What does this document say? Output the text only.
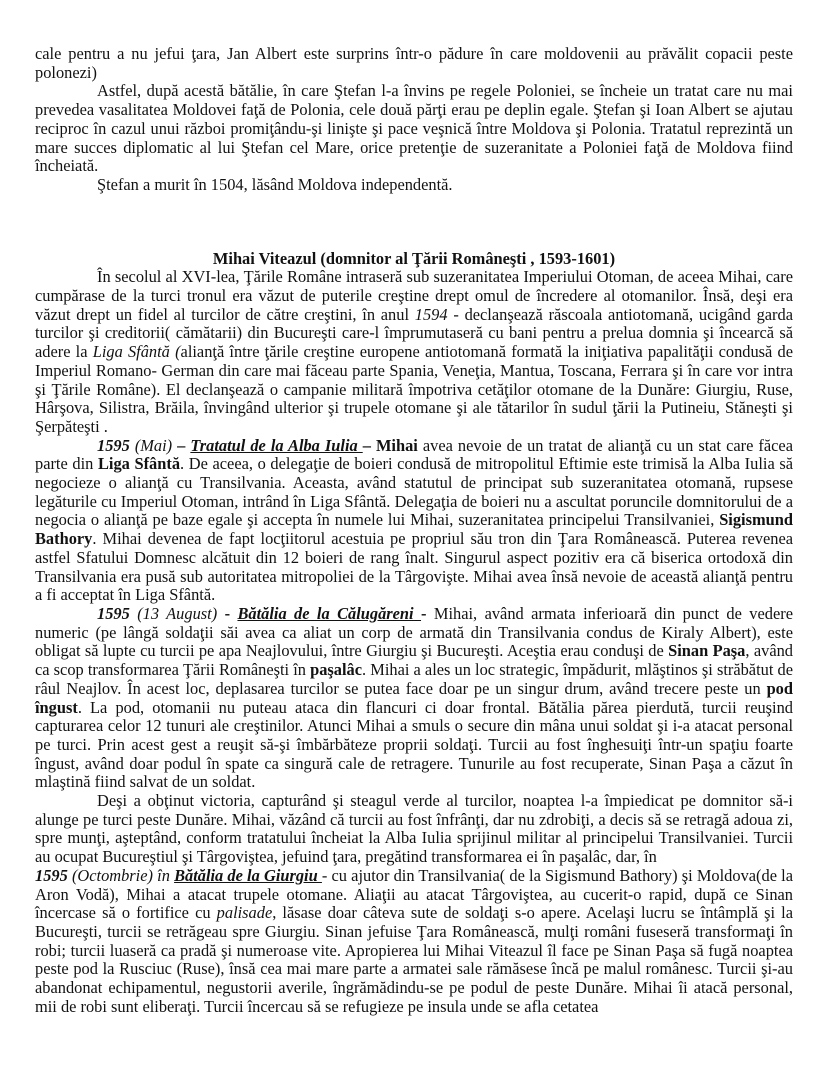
cale pentru a nu jefui ţara, Jan Albert este surprins într-o pădure în care moldovenii au prăvălit copacii peste polonezi)

Astfel, după acestă bătălie, în care Ştefan l-a învins pe regele Poloniei, se încheie un tratat care nu mai prevedea vasalitatea Moldovei faţă de Polonia, cele două părţi erau pe deplin egale. Ştefan şi Ioan Albert se ajutau reciproc în cazul unui război promiţându-şi linişte şi pace veşnică între Moldova şi Polonia. Tratatul reprezintă un mare succes diplomatic al lui Ştefan cel Mare, orice pretenţie de suzeranitate a Poloniei faţă de Moldova fiind încheiată.

Ştefan a murit în 1504, lăsând Moldova independentă.

Mihai Viteazul (domnitor al Ţării Româneşti , 1593-1601)

În secolul al XVI-lea, Ţările Române intraseră sub suzeranitatea Imperiului Otoman, de aceea Mihai, care cumpărase de la turci tronul era văzut de puterile creştine drept omul de încredere al otomanilor. Însă, deşi era văzut drept un fidel al turcilor de către creştini, în anul 1594 - declanşează răscoala antiotomană, ucigând garda turcilor şi creditorii( cămătarii) din Bucureşti care-l împrumutaseră cu bani pentru a prelua domnia şi încearcă să adere la Liga Sfântă (alianţă între ţările creştine europene antiotomană formată la iniţiativa papalităţii condusă de Imperiul Romano- German din care mai făceau parte Spania, Veneţia, Mantua, Toscana, Ferrara şi în care vor intra şi Ţările Române). El declanşează o campanie militară împotriva cetăţilor otomane de la Dunăre: Giurgiu, Ruse, Hârşova, Silistra, Brăila, învingând ulterior şi trupele otomane şi ale tătarilor în sudul ţării la Putineiu, Stăneşti şi Şerpăteşti .

1595 (Mai) – Tratatul de la Alba Iulia – Mihai avea nevoie de un tratat de alianţă cu un stat care făcea parte din Liga Sfântă. De aceea, o delegaţie de boieri condusă de mitropolitul Eftimie este trimisă la Alba Iulia să negocieze o alianţă cu Transilvania. Aceasta, având statutul de principat sub suzeranitatea otomană, rupsese legăturile cu Imperiul Otoman, intrând în Liga Sfântă. Delegaţia de boieri nu a ascultat poruncile domnitorului de a negocia o alianţă pe baze egale şi accepta în numele lui Mihai, suzeranitatea principelui Transilvaniei, Sigismund Bathory. Mihai devenea de fapt locţiitorul acestuia pe propriul său tron din Ţara Românească. Puterea revenea astfel Sfatului Domnesc alcătuit din 12 boieri de rang înalt. Singurul aspect pozitiv era că biserica ortodoxă din Transilvania era pusă sub autoritatea mitropoliei de la Târgovişte. Mihai avea însă nevoie de această alianţă pentru a fi acceptat în Liga Sfântă.

1595 (13 August) - Bătălia de la Călugăreni - Mihai, având armata inferioară din punct de vedere numeric (pe lângă soldaţii săi avea ca aliat un corp de armată din Transilvania condus de Kiraly Albert), este obligat să lupte cu turcii pe apa Neajlovului, între Giurgiu şi Bucureşti. Aceştia erau conduşi de Sinan Paşa, având ca scop transformarea Ţării Româneşti în paşalâc. Mihai a ales un loc strategic, împădurit, mlăştinos şi străbătut de râul Neajlov. În acest loc, deplasarea turcilor se putea face doar pe un singur drum, având trecere peste un pod îngust. La pod, otomanii nu puteau ataca din flancuri ci doar frontal. Bătălia părea pierdută, turcii reuşind capturarea celor 12 tunuri ale creştinilor. Atunci Mihai a smuls o secure din mâna unui soldat şi i-a atacat personal pe turci. Prin acest gest a reuşit să-şi îmbărbăteze proprii soldaţi. Turcii au fost înghesuiţi într-un spaţiu foarte îngust, având doar podul în spate ca singură cale de retragere. Tunurile au fost recuperate, Sinan Paşa a căzut în mlaştină fiind salvat de un soldat.

Deşi a obţinut victoria, capturând şi steagul verde al turcilor, noaptea l-a împiedicat pe domnitor să-i alunge pe turci peste Dunăre. Mihai, văzând că turcii au fost înfrânţi, dar nu zdrobiţi, a decis să se retragă adoua zi, spre munţi, aşteptând, conform tratatului încheiat la Alba Iulia sprijinul militar al principelui Transilvaniei. Turcii au ocupat Bucureştiul şi Târgoviştea, jefuind ţara, pregătind transformarea ei în paşalâc, dar, în

1595 (Octombrie) în Bătălia de la Giurgiu - cu ajutor din Transilvania( de la Sigismund Bathory) şi Moldova(de la Aron Vodă), Mihai a atacat trupele otomane. Aliaţii au atacat Târgoviştea, au cucerit-o rapid, după ce Sinan încercase să o fortifice cu palisade, lăsase doar câteva sute de soldaţi s-o apere. Acelaşi lucru se întâmplă şi la Bucureşti, turcii se retrăgeau spre Giurgiu. Sinan jefuise Ţara Românească, mulţi români fuseseră transformaţi în robi; turcii luaseră ca pradă şi numeroase vite. Apropierea lui Mihai Viteazul îl face pe Sinan Paşa să fugă noaptea peste pod la Rusciuc (Ruse), însă cea mai mare parte a armatei sale rămăsese încă pe malul românesc. Turcii şi-au abandonat echipamentul, negustorii averile, îngrămădindu-se pe podul de peste Dunăre. Mihai îi atacă personal, mii de robi sunt eliberaţi. Turcii încercau să se refugieze pe insula unde se afla cetatea
